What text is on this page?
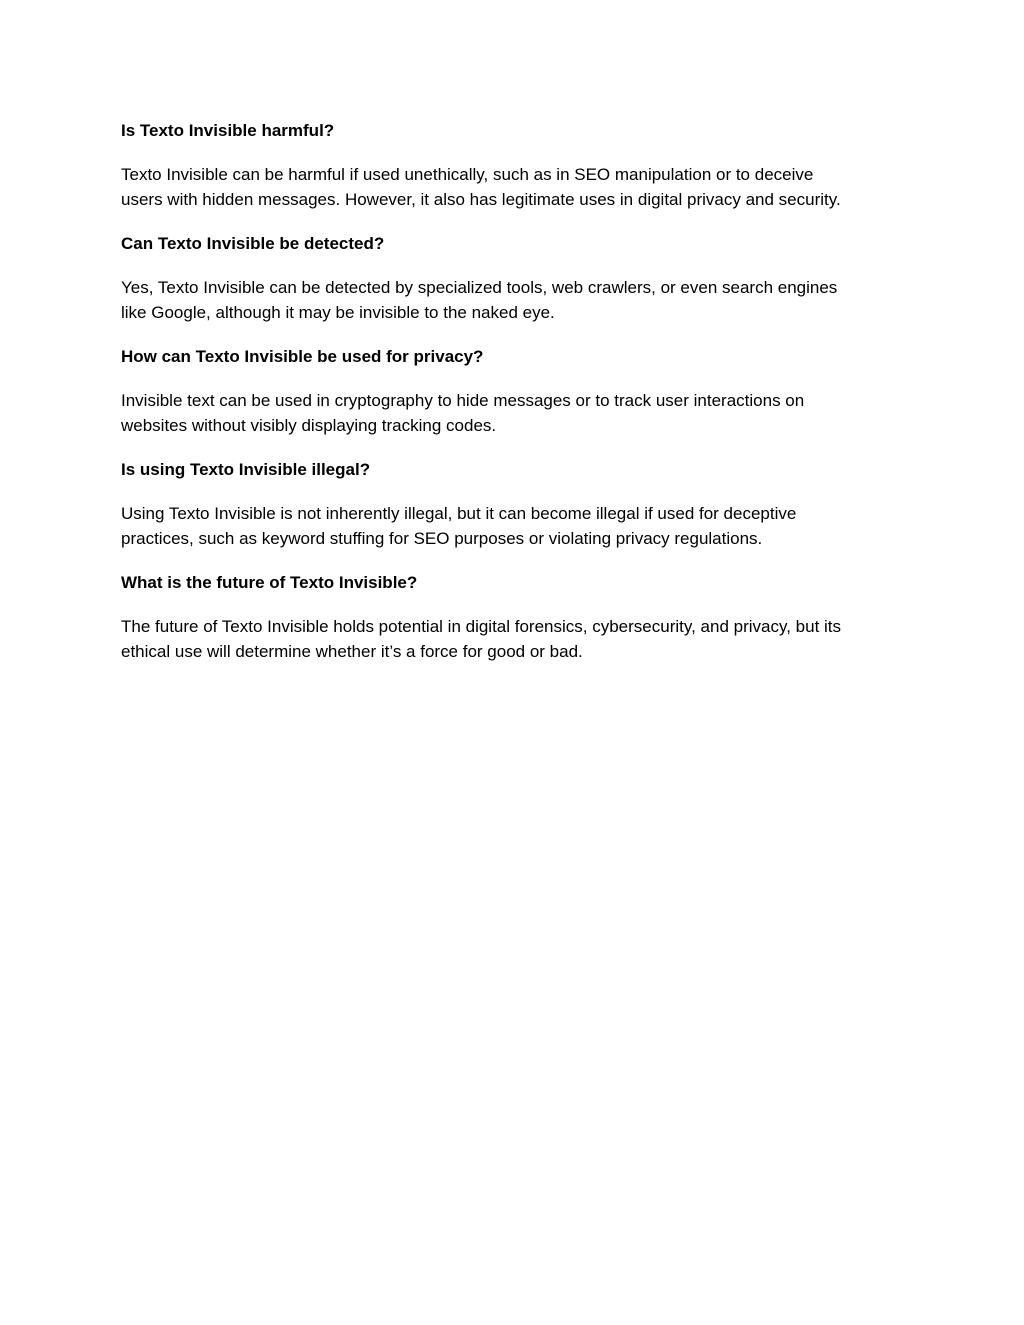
Is Texto Invisible harmful?

Texto Invisible can be harmful if used unethically, such as in SEO manipulation or to deceive
users with hidden messages. However, it also has legitimate uses in digital privacy and security.

Can Texto Invisible be detected?

Yes, Texto Invisible can be detected by specialized tools, web crawlers, or even search engines
like Google, although it may be invisible to the naked eye.

How can Texto Invisible be used for privacy?

Invisible text can be used in cryptography to hide messages or to track user interactions on
websites without visibly displaying tracking codes.

Is using Texto Invisible illegal?

Using Texto Invisible is not inherently illegal, but it can become illegal if used for deceptive
practices, such as keyword stuffing for SEO purposes or violating privacy regulations.

What is the future of Texto Invisible?

The future of Texto Invisible holds potential in digital forensics, cybersecurity, and privacy, but its
ethical use will determine whether it’s a force for good or bad.
